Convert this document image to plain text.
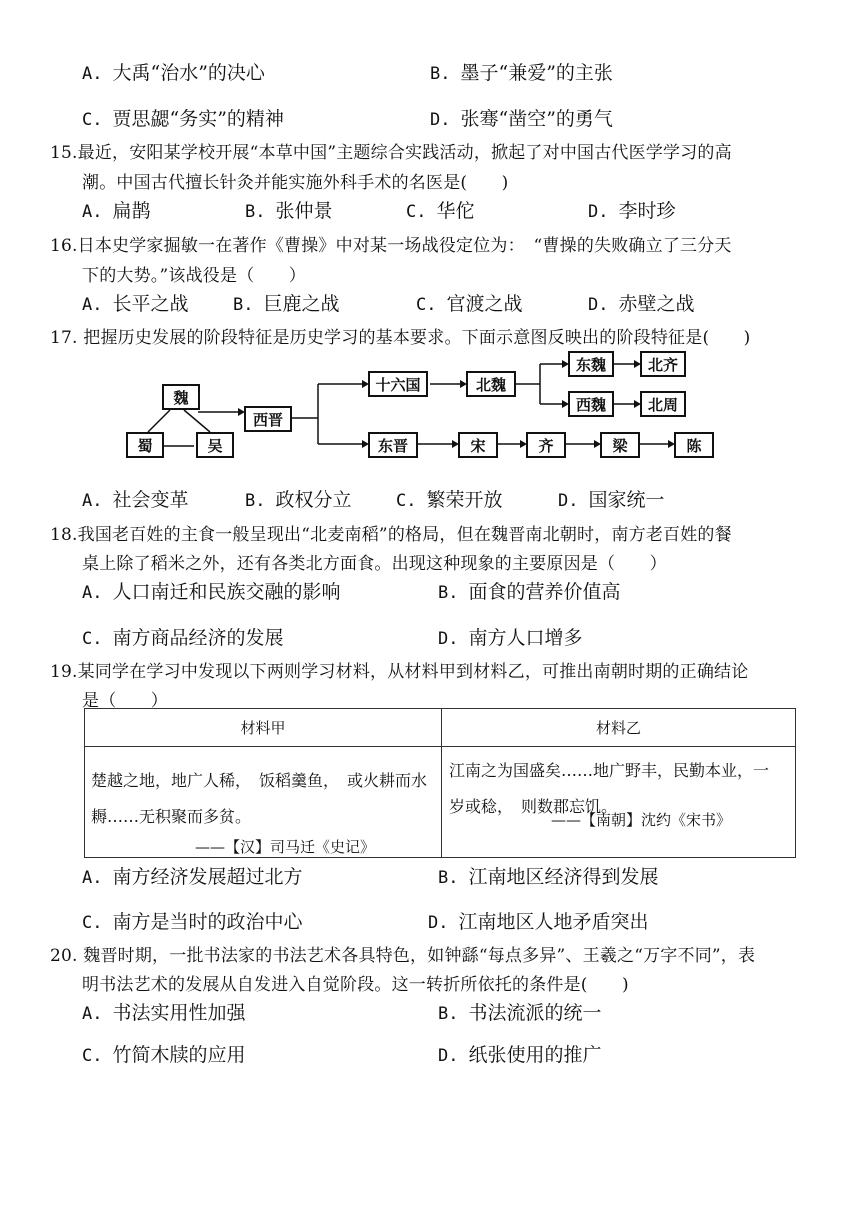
A. 大禹“治水”的决心	B. 墨子“兼爱”的主张
C. 贾思勰“务实”的精神	D. 张骞“凿空”的勇气
15.最近，安阳某学校开展“本草中国”主题综合实践活动，掀起了对中国古代医学学习的高
潮。中国古代擅长针灸并能实施外科手术的名医是(　　)
A. 扁鹊	B. 张仲景	C. 华佗	D. 李时珍
16.日本史学家掘敏一在著作《曹操》中对某一场战役定位为：　“曹操的失败确立了三分天
下的大势。”该战役是（　　）
A. 长平之战	B. 巨鹿之战	C. 官渡之战	D. 赤壁之战
17. 把握历史发展的阶段特征是历史学习的基本要求。下面示意图反映出的阶段特征是(　　)
魏
蜀	吴
西晋
十六国	北魏
东魏
西魏
北齐
北周
东晋	宋	齐	梁	陈
A. 社会变革	B. 政权分立	C. 繁荣开放	D. 国家统一
18.我国老百姓的主食一般呈现出“北麦南稻”的格局，但在魏晋南北朝时，南方老百姓的餐
桌上除了稻米之外，还有各类北方面食。出现这种现象的主要原因是（　　）
A. 人口南迁和民族交融的影响	B. 面食的营养价值高
C. 南方商品经济的发展	D. 南方人口增多
19.某同学在学习中发现以下两则学习材料，从材料甲到材料乙，可推出南朝时期的正确结论
是（　　）
材料甲	材料乙
楚越之地，地广人稀，　饭稻羹鱼，　或火耕而水耨……无积聚而多贫。
——【汉】司马迁《史记》
江南之为国盛矣……地广野丰，民勤本业，一岁或稔，　则数郡忘饥。
——【南朝】沈约《宋书》
A. 南方经济发展超过北方	B. 江南地区经济得到发展
C. 南方是当时的政治中心	D. 江南地区人地矛盾突出
20. 魏晋时期，一批书法家的书法艺术各具特色，如钟繇“每点多异”、王羲之“万字不同”，表
明书法艺术的发展从自发进入自觉阶段。这一转折所依托的条件是(　　)
A. 书法实用性加强	B. 书法流派的统一
C. 竹简木牍的应用	D. 纸张使用的推广
